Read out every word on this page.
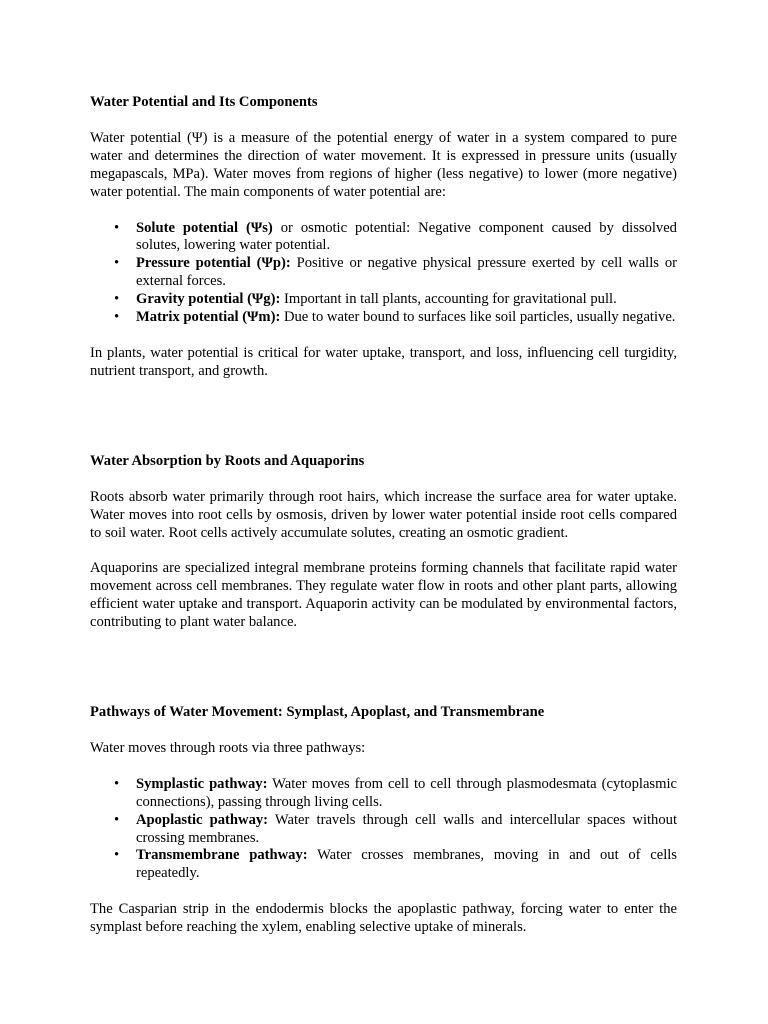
Water Potential and Its Components

Water potential (Ψ) is a measure of the potential energy of water in a system compared to pure water and determines the direction of water movement. It is expressed in pressure units (usually megapascals, MPa). Water moves from regions of higher (less negative) to lower (more negative) water potential. The main components of water potential are:

• Solute potential (Ψs) or osmotic potential: Negative component caused by dissolved solutes, lowering water potential.
• Pressure potential (Ψp): Positive or negative physical pressure exerted by cell walls or external forces.
• Gravity potential (Ψg): Important in tall plants, accounting for gravitational pull.
• Matrix potential (Ψm): Due to water bound to surfaces like soil particles, usually negative.

In plants, water potential is critical for water uptake, transport, and loss, influencing cell turgidity, nutrient transport, and growth.

Water Absorption by Roots and Aquaporins

Roots absorb water primarily through root hairs, which increase the surface area for water uptake. Water moves into root cells by osmosis, driven by lower water potential inside root cells compared to soil water. Root cells actively accumulate solutes, creating an osmotic gradient.

Aquaporins are specialized integral membrane proteins forming channels that facilitate rapid water movement across cell membranes. They regulate water flow in roots and other plant parts, allowing efficient water uptake and transport. Aquaporin activity can be modulated by environmental factors, contributing to plant water balance.

Pathways of Water Movement: Symplast, Apoplast, and Transmembrane

Water moves through roots via three pathways:

• Symplastic pathway: Water moves from cell to cell through plasmodesmata (cytoplasmic connections), passing through living cells.
• Apoplastic pathway: Water travels through cell walls and intercellular spaces without crossing membranes.
• Transmembrane pathway: Water crosses membranes, moving in and out of cells repeatedly.

The Casparian strip in the endodermis blocks the apoplastic pathway, forcing water to enter the symplast before reaching the xylem, enabling selective uptake of minerals.
